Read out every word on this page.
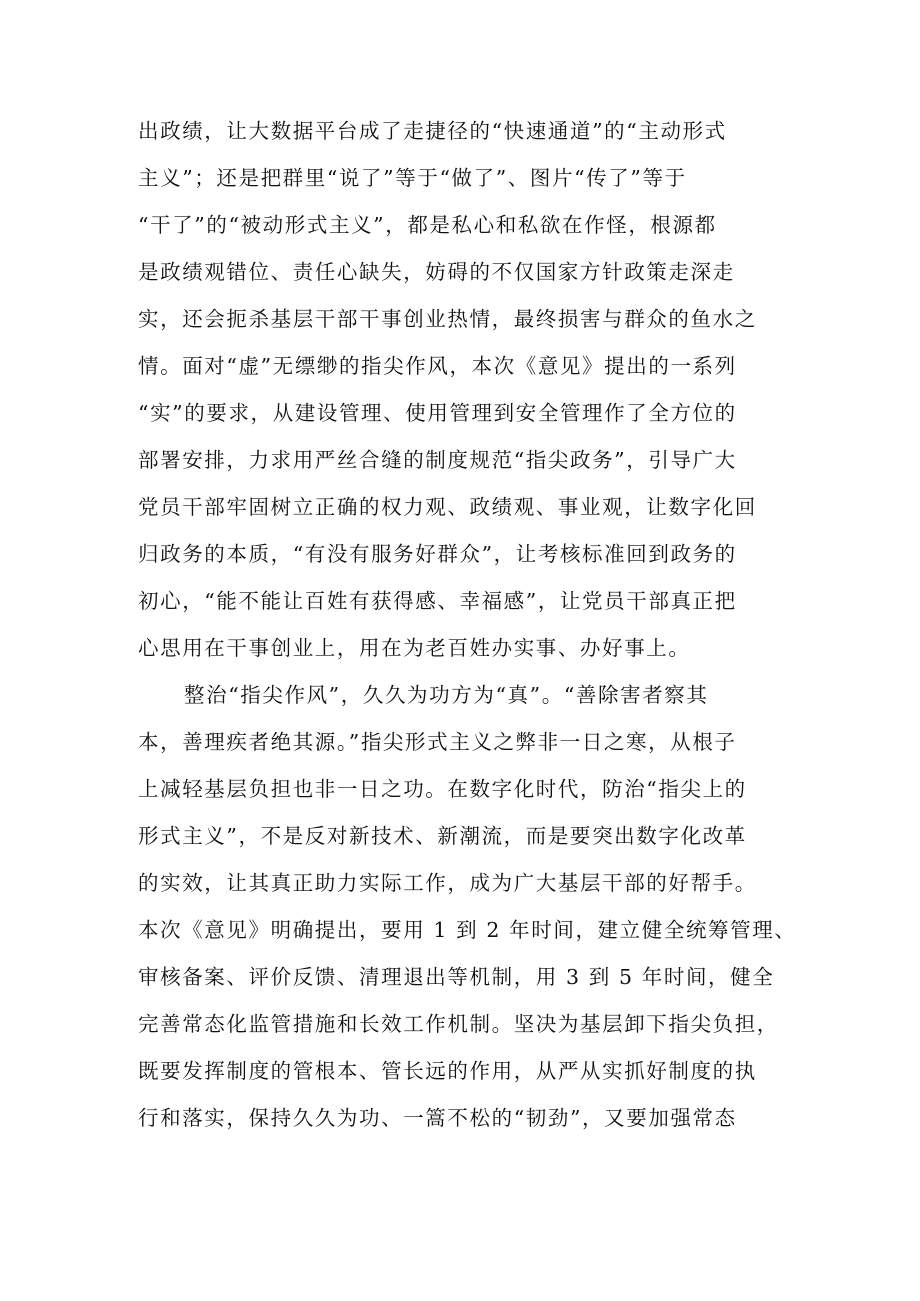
出政绩，让大数据平台成了走捷径的“快速通道”的“主动形式
主义”；还是把群里“说了”等于“做了”、图片“传了”等于
“干了”的“被动形式主义”，都是私心和私欲在作怪，根源都
是政绩观错位、责任心缺失，妨碍的不仅国家方针政策走深走
实，还会扼杀基层干部干事创业热情，最终损害与群众的鱼水之
情。面对“虚”无缥缈的指尖作风，本次《意见》提出的一系列
“实”的要求，从建设管理、使用管理到安全管理作了全方位的
部署安排，力求用严丝合缝的制度规范“指尖政务”，引导广大
党员干部牢固树立正确的权力观、政绩观、事业观，让数字化回
归政务的本质，“有没有服务好群众”，让考核标准回到政务的
初心，“能不能让百姓有获得感、幸福感”，让党员干部真正把
心思用在干事创业上，用在为老百姓办实事、办好事上。
整治“指尖作风”，久久为功方为“真”。“善除害者察其
本，善理疾者绝其源。”指尖形式主义之弊非一日之寒，从根子
上减轻基层负担也非一日之功。在数字化时代，防治“指尖上的
形式主义”，不是反对新技术、新潮流，而是要突出数字化改革
的实效，让其真正助力实际工作，成为广大基层干部的好帮手。
本次《意见》明确提出，要用 1 到 2 年时间，建立健全统筹管理、
审核备案、评价反馈、清理退出等机制，用 3 到 5 年时间，健全
完善常态化监管措施和长效工作机制。坚决为基层卸下指尖负担，
既要发挥制度的管根本、管长远的作用，从严从实抓好制度的执
行和落实，保持久久为功、一篙不松的“韧劲”，又要加强常态
